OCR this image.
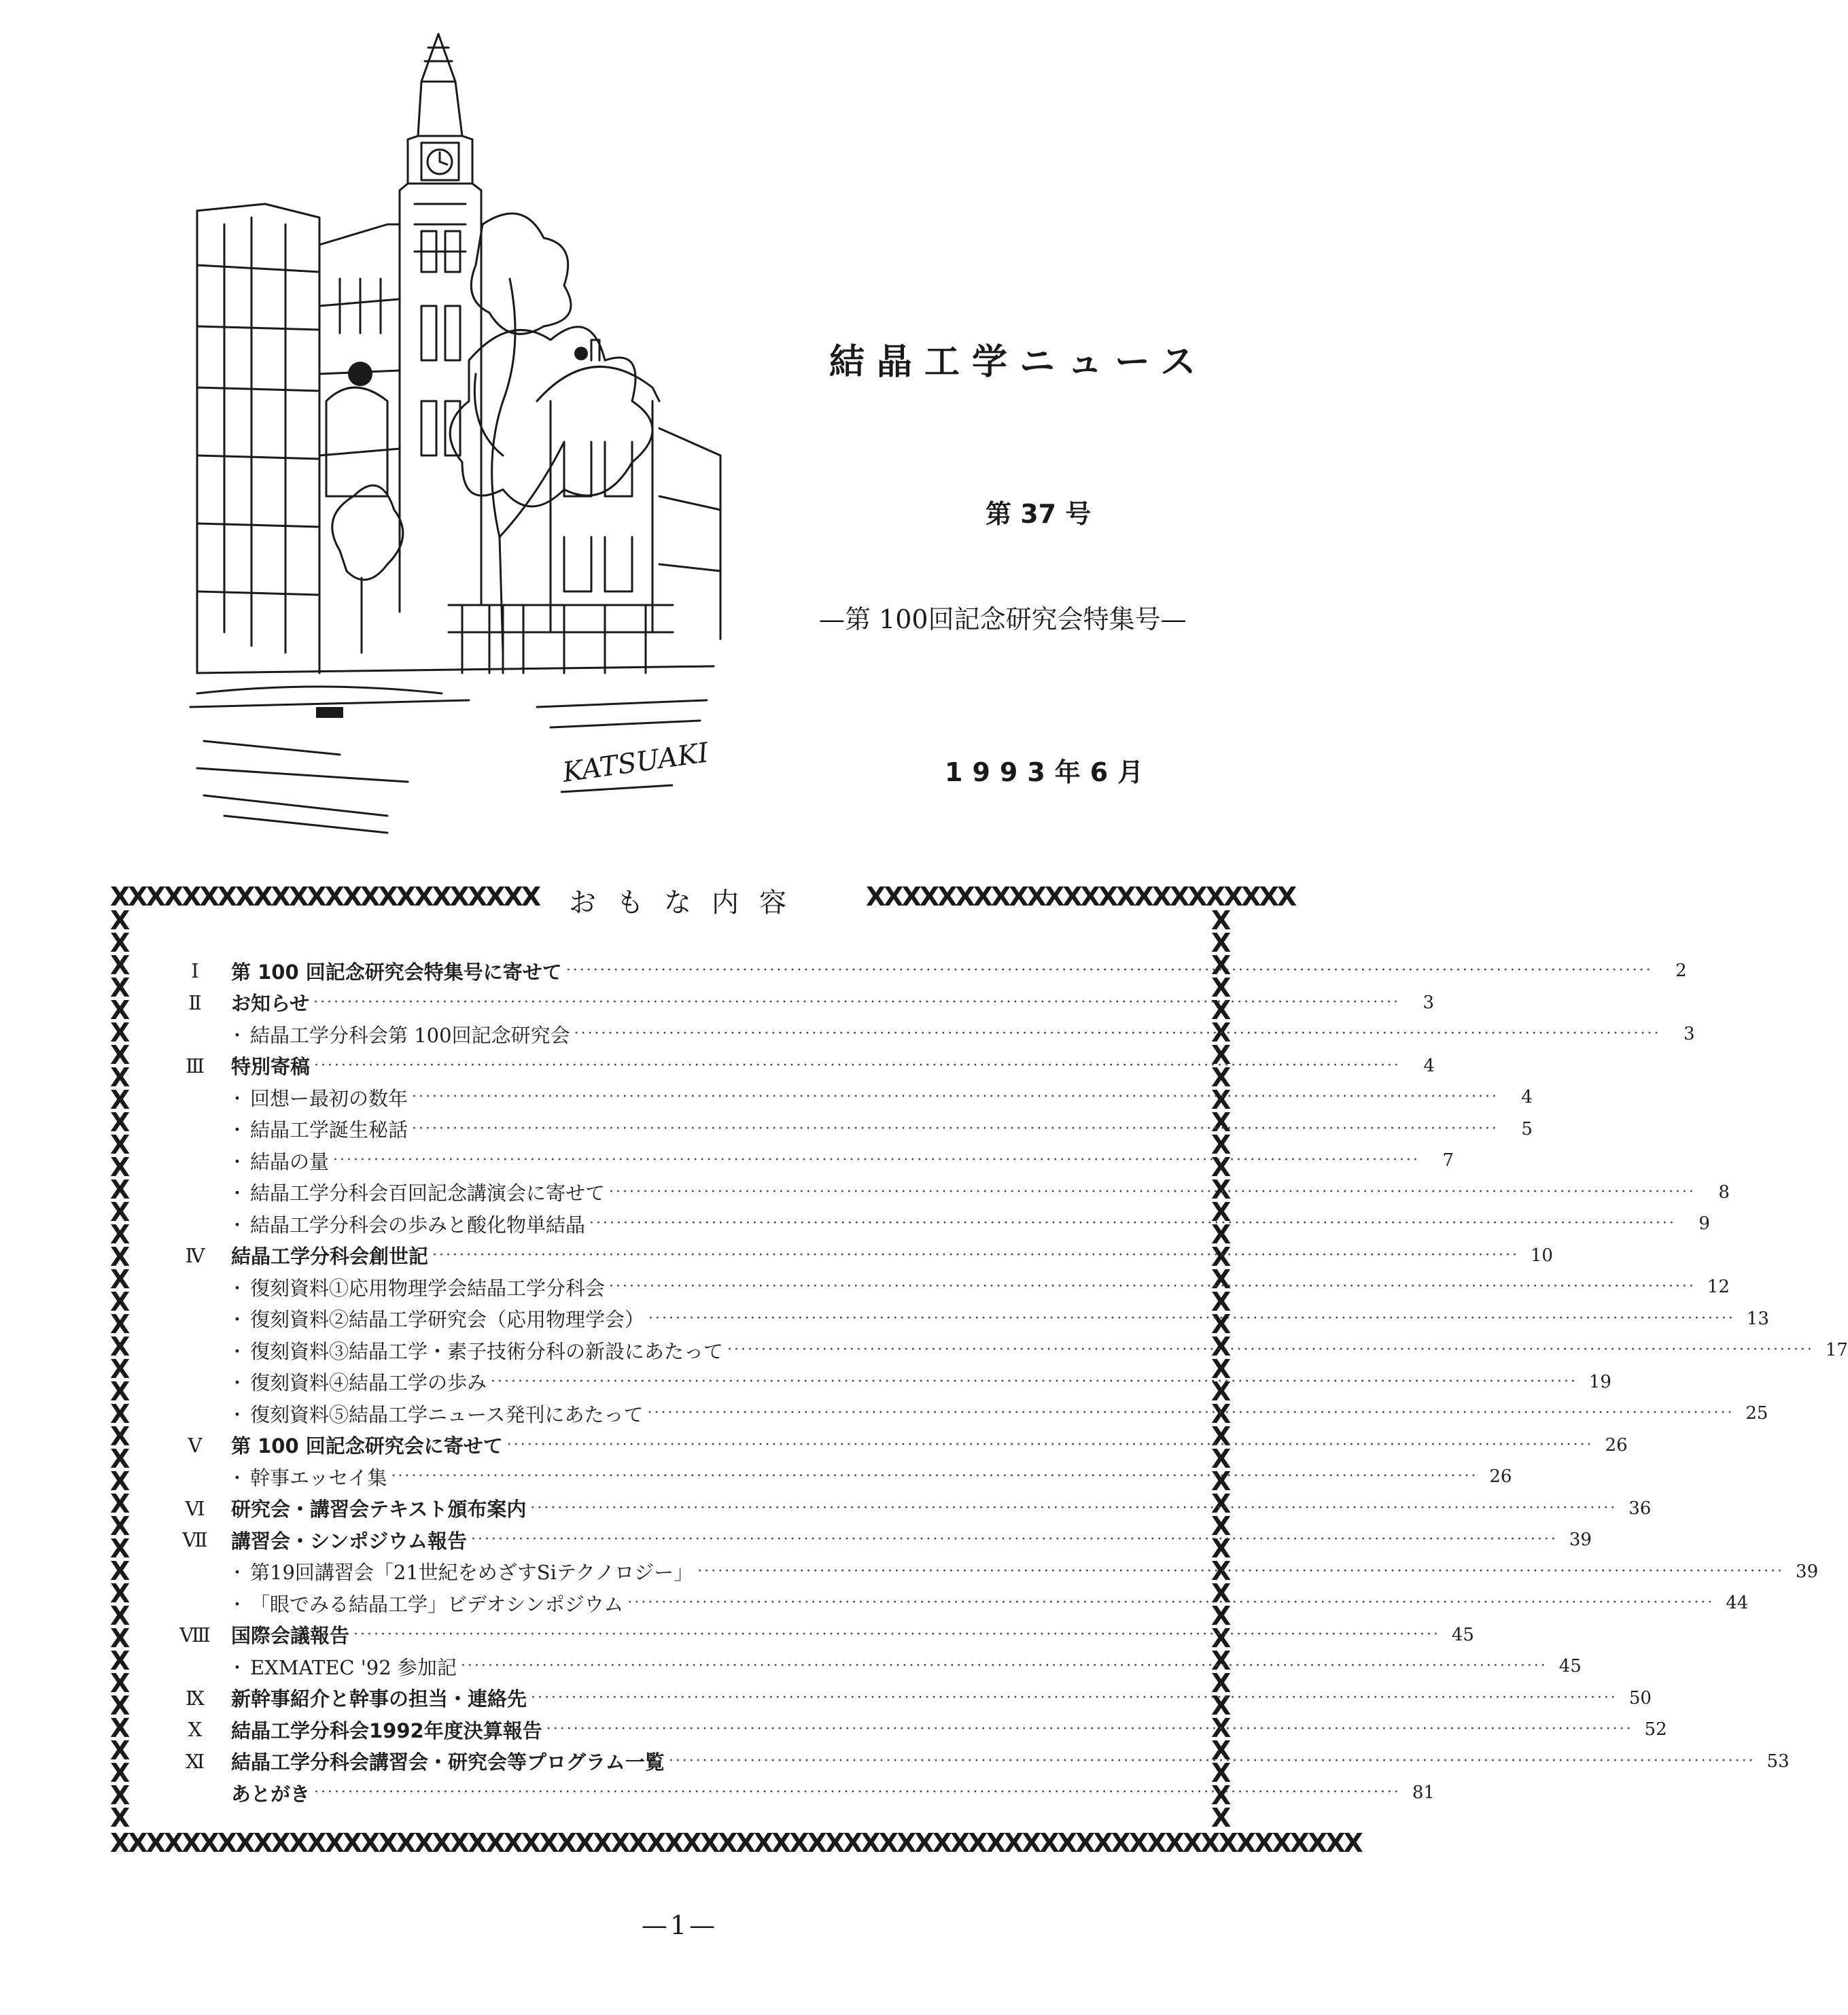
KATSUAKI
結晶工学ニュース
第 37 号
—第 100回記念研究会特集号—
1993年6月
XXXXXXXXXXXXXXXXXXXXXXXX	XXXXXXXXXXXXXXXXXXXXXXXX
XXXXXXXXXXXXXXXXXXXXXXXXXXXXXXXXXXXXXXXXXXXXXXXXXXXXXXXXXXXXXXXXXXXXXX
XXXXXXXXXXXXXXXXXXXXXXXXXXXXXXXXXXXXXXXXX
XXXXXXXXXXXXXXXXXXXXXXXXXXXXXXXXXXXXXXXXX
おもな内容
Ⅰ	第 100 回記念研究会特集号に寄せて ·····	2
Ⅱ	お知らせ ·····	3
・ 結晶工学分科会第 100回記念研究会 ·····	3
Ⅲ	特別寄稿 ·····	4
・ 回想ー最初の数年 ·····	4
・ 結晶工学誕生秘話 ·····	5
・ 結晶の量 ·····	7
・ 結晶工学分科会百回記念講演会に寄せて ·····	8
・ 結晶工学分科会の歩みと酸化物単結晶 ·····	9
Ⅳ	結晶工学分科会創世記 ·····	10
・ 復刻資料①応用物理学会結晶工学分科会 ·····	12
・ 復刻資料②結晶工学研究会（応用物理学会） ·····	13
・ 復刻資料③結晶工学・素子技術分科の新設にあたって ·····	17
・ 復刻資料④結晶工学の歩み ·····	19
・ 復刻資料⑤結晶工学ニュース発刊にあたって ·····	25
Ⅴ	第 100 回記念研究会に寄せて ·····	26
・ 幹事エッセイ集 ·····	26
Ⅵ	研究会・講習会テキスト頒布案内 ·····	36
Ⅶ	講習会・シンポジウム報告 ·····	39
・ 第19回講習会「21世紀をめざすSiテクノロジー」 ·····	39
・ 「眼でみる結晶工学」ビデオシンポジウム ·····	44
Ⅷ	国際会議報告 ·····	45
・ EXMATEC '92 参加記 ·····	45
Ⅸ	新幹事紹介と幹事の担当・連絡先 ·····	50
Ⅹ	結晶工学分科会1992年度決算報告 ·····	52
Ⅺ	結晶工学分科会講習会・研究会等プログラム一覧 ·····	53
あとがき ·····	81
—1—
